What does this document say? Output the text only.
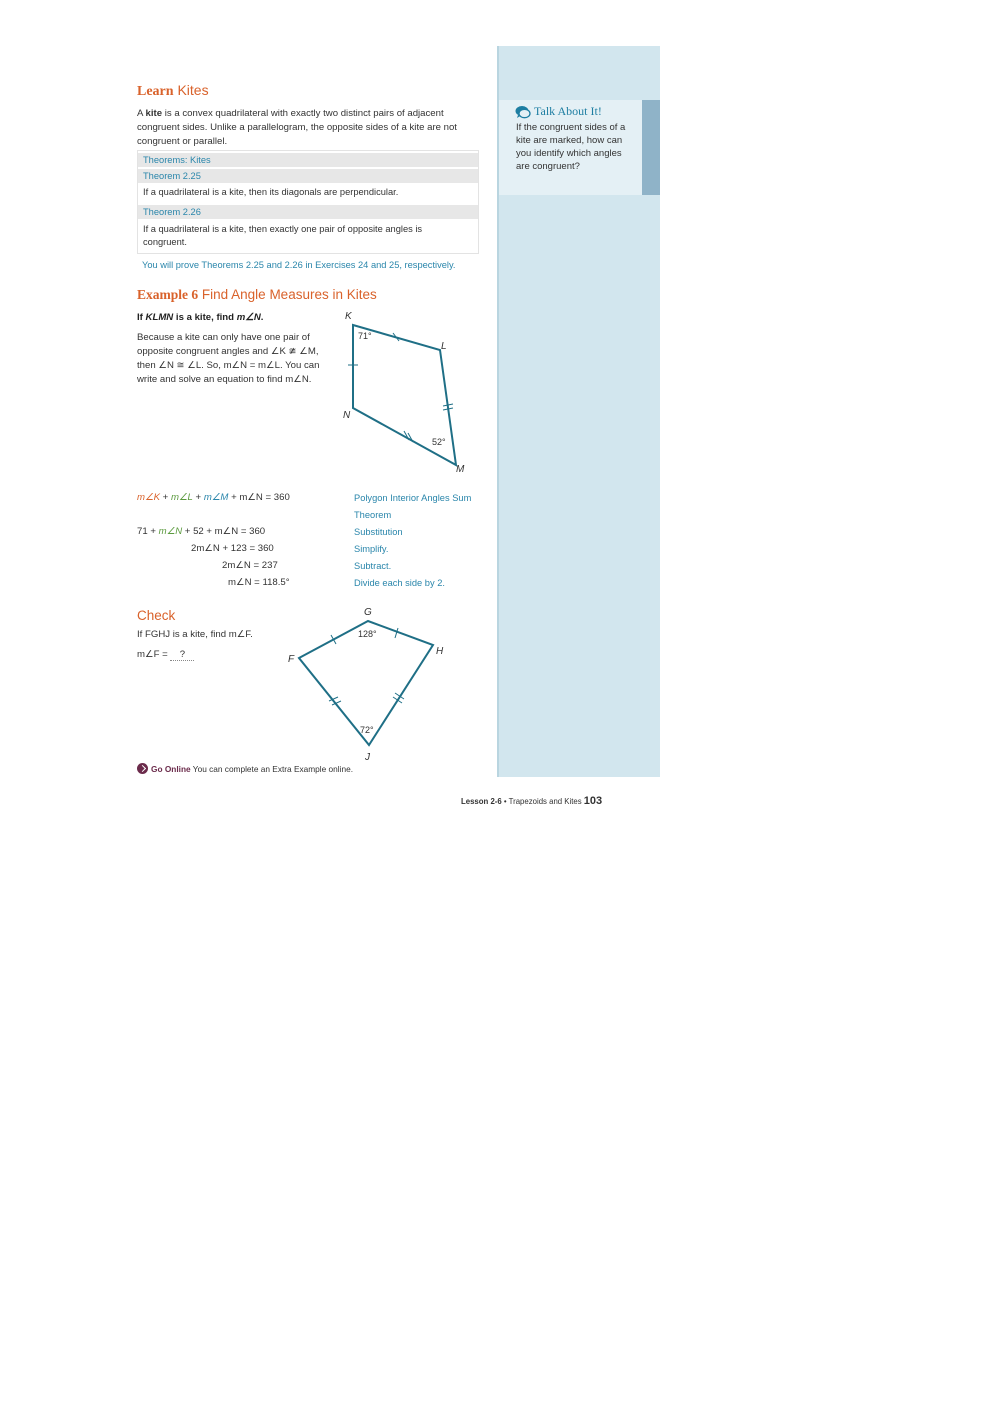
Talk About It!
If the congruent sides of a kite are marked, how can you identify which angles are congruent?
Learn Kites
A kite is a convex quadrilateral with exactly two distinct pairs of adjacent congruent sides. Unlike a parallelogram, the opposite sides of a kite are not congruent or parallel.
Theorems: Kites
Theorem 2.25
If a quadrilateral is a kite, then its diagonals are perpendicular.
Theorem 2.26
If a quadrilateral is a kite, then exactly one pair of opposite angles is congruent.
You will prove Theorems 2.25 and 2.26 in Exercises 24 and 25, respectively.
Example 6 Find Angle Measures in Kites
If KLMN is a kite, find m∠N.
Because a kite can only have one pair of opposite congruent angles and ∠K ≇ ∠M, then ∠N ≅ ∠L. So, m∠N = m∠L. You can write and solve an equation to find m∠N.
K
L
M
N
71°
52°
m∠K + m∠L + m∠M + m∠N = 360	Polygon Interior Angles Sum
Theorem
71 + m∠N + 52 + m∠N = 360	Substitution
2m∠N + 123 = 360	Simplify.
2m∠N = 237	Subtract.
m∠N = 118.5°	Divide each side by 2.
Check
If FGHJ is a kite, find m∠F.
m∠F = ?	F
G
H
J
128°
72°
Go Online You can complete an Extra Example online.
Lesson 2-6 • Trapezoids and Kites 103
